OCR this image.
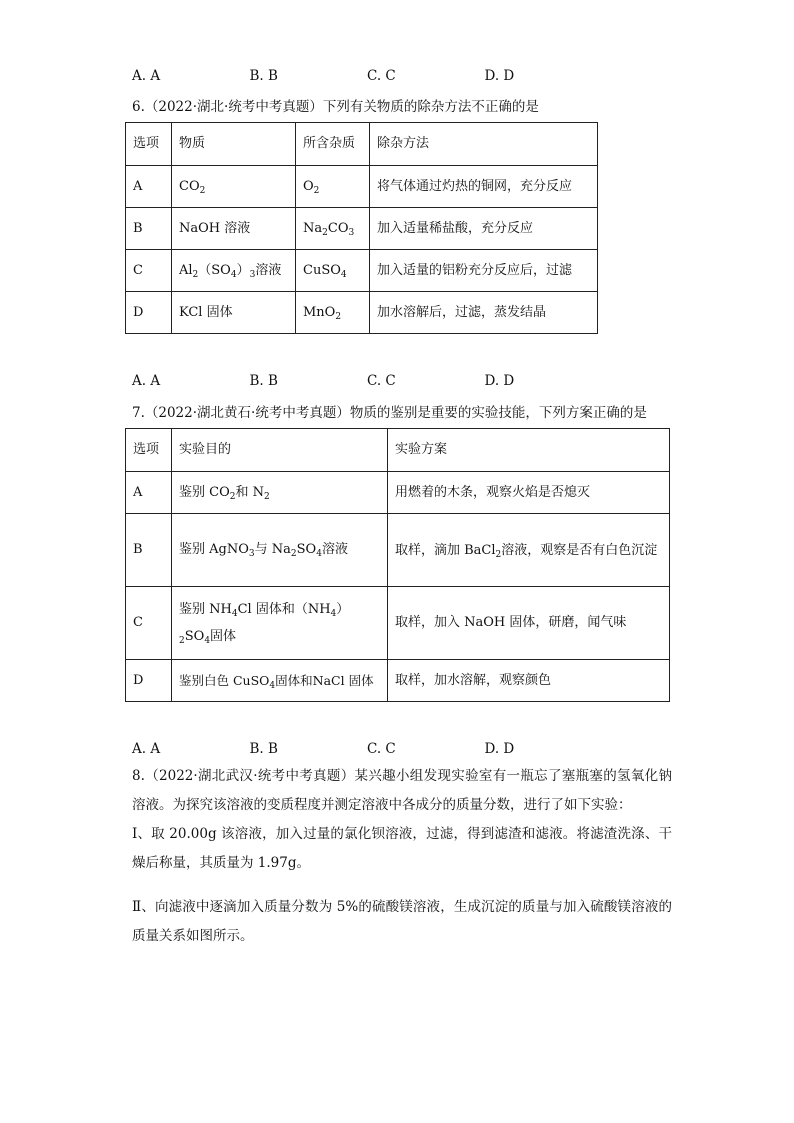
A. A	B. B	C. C	D. D
6.（2022·湖北·统考中考真题）下列有关物质的除杂方法不正确的是
选项	物质	所含杂质	除杂方法
A	$CO_2$	$O_2$	将气体通过灼热的铜网，充分反应
B	NaOH 溶液	$Na_2CO_3$	加入适量稀盐酸，充分反应
C	$Al_2(SO_4)_3$溶液	CuSO$_4$	加入适量的铝粉充分反应后，过滤
D	KCl 固体	MnO$_2$	加水溶解后，过滤，蒸发结晶
A. A	B. B	C. C	D. D
7.（2022·湖北黄石·统考中考真题）物质的鉴别是重要的实验技能，下列方案正确的是
选项	实验目的	实验方案
A	鉴别 $CO_2$和 $N_2$	用燃着的木条，观察火焰是否熄灭
B	鉴别 AgNO$_3$与 $Na_2SO_4$溶液	取样，滴加 BaCl$_2$溶液，观察是否有白色沉淀
C	鉴别 $NH_4Cl$ 固体和$(NH_4)_2SO_4$固体	取样，加入 NaOH 固体，研磨，闻气味
D	鉴别白色 CuSO$_4$固体和NaCl 固体	取样，加水溶解，观察颜色
A. A	B. B	C. C	D. D
8.（2022·湖北武汉·统考中考真题）某兴趣小组发现实验室有一瓶忘了塞瓶塞的氢氧化钠溶液。为探究该溶液的变质程度并测定溶液中各成分的质量分数，进行了如下实验：
Ⅰ、取 20.00g 该溶液，加入过量的氯化钡溶液，过滤，得到滤渣和滤液。将滤渣洗涤、干燥后称量，其质量为 1.97g。
Ⅱ、向滤液中逐滴加入质量分数为 5%的硫酸镁溶液，生成沉淀的质量与加入硫酸镁溶液的质量关系如图所示。
